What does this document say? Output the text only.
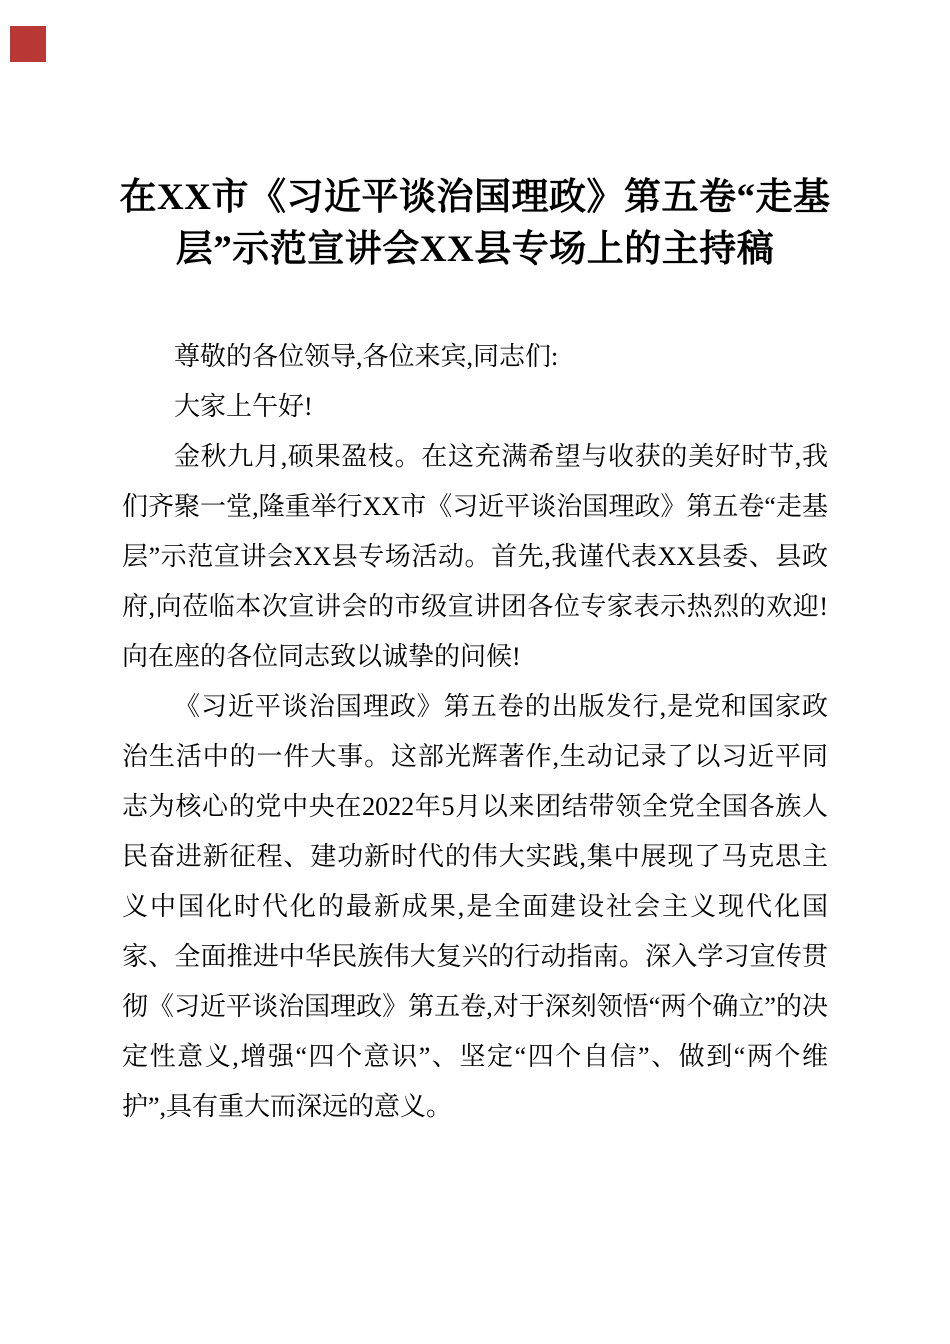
在XX市《习近平谈治国理政》第五卷“走基层”示范宣讲会XX县专场上的主持稿

尊敬的各位领导,各位来宾,同志们:

大家上午好!

金秋九月,硕果盈枝。在这充满希望与收获的美好时节,我们齐聚一堂,隆重举行XX市《习近平谈治国理政》第五卷“走基层”示范宣讲会XX县专场活动。首先,我谨代表XX县委、县政府,向莅临本次宣讲会的市级宣讲团各位专家表示热烈的欢迎!向在座的各位同志致以诚挚的问候!

《习近平谈治国理政》第五卷的出版发行,是党和国家政治生活中的一件大事。这部光辉著作,生动记录了以习近平同志为核心的党中央在2022年5月以来团结带领全党全国各族人民奋进新征程、建功新时代的伟大实践,集中展现了马克思主义中国化时代化的最新成果,是全面建设社会主义现代化国家、全面推进中华民族伟大复兴的行动指南。深入学习宣传贯彻《习近平谈治国理政》第五卷,对于深刻领悟“两个确立”的决定性意义,增强“四个意识”、坚定“四个自信”、做到“两个维护”,具有重大而深远的意义。
